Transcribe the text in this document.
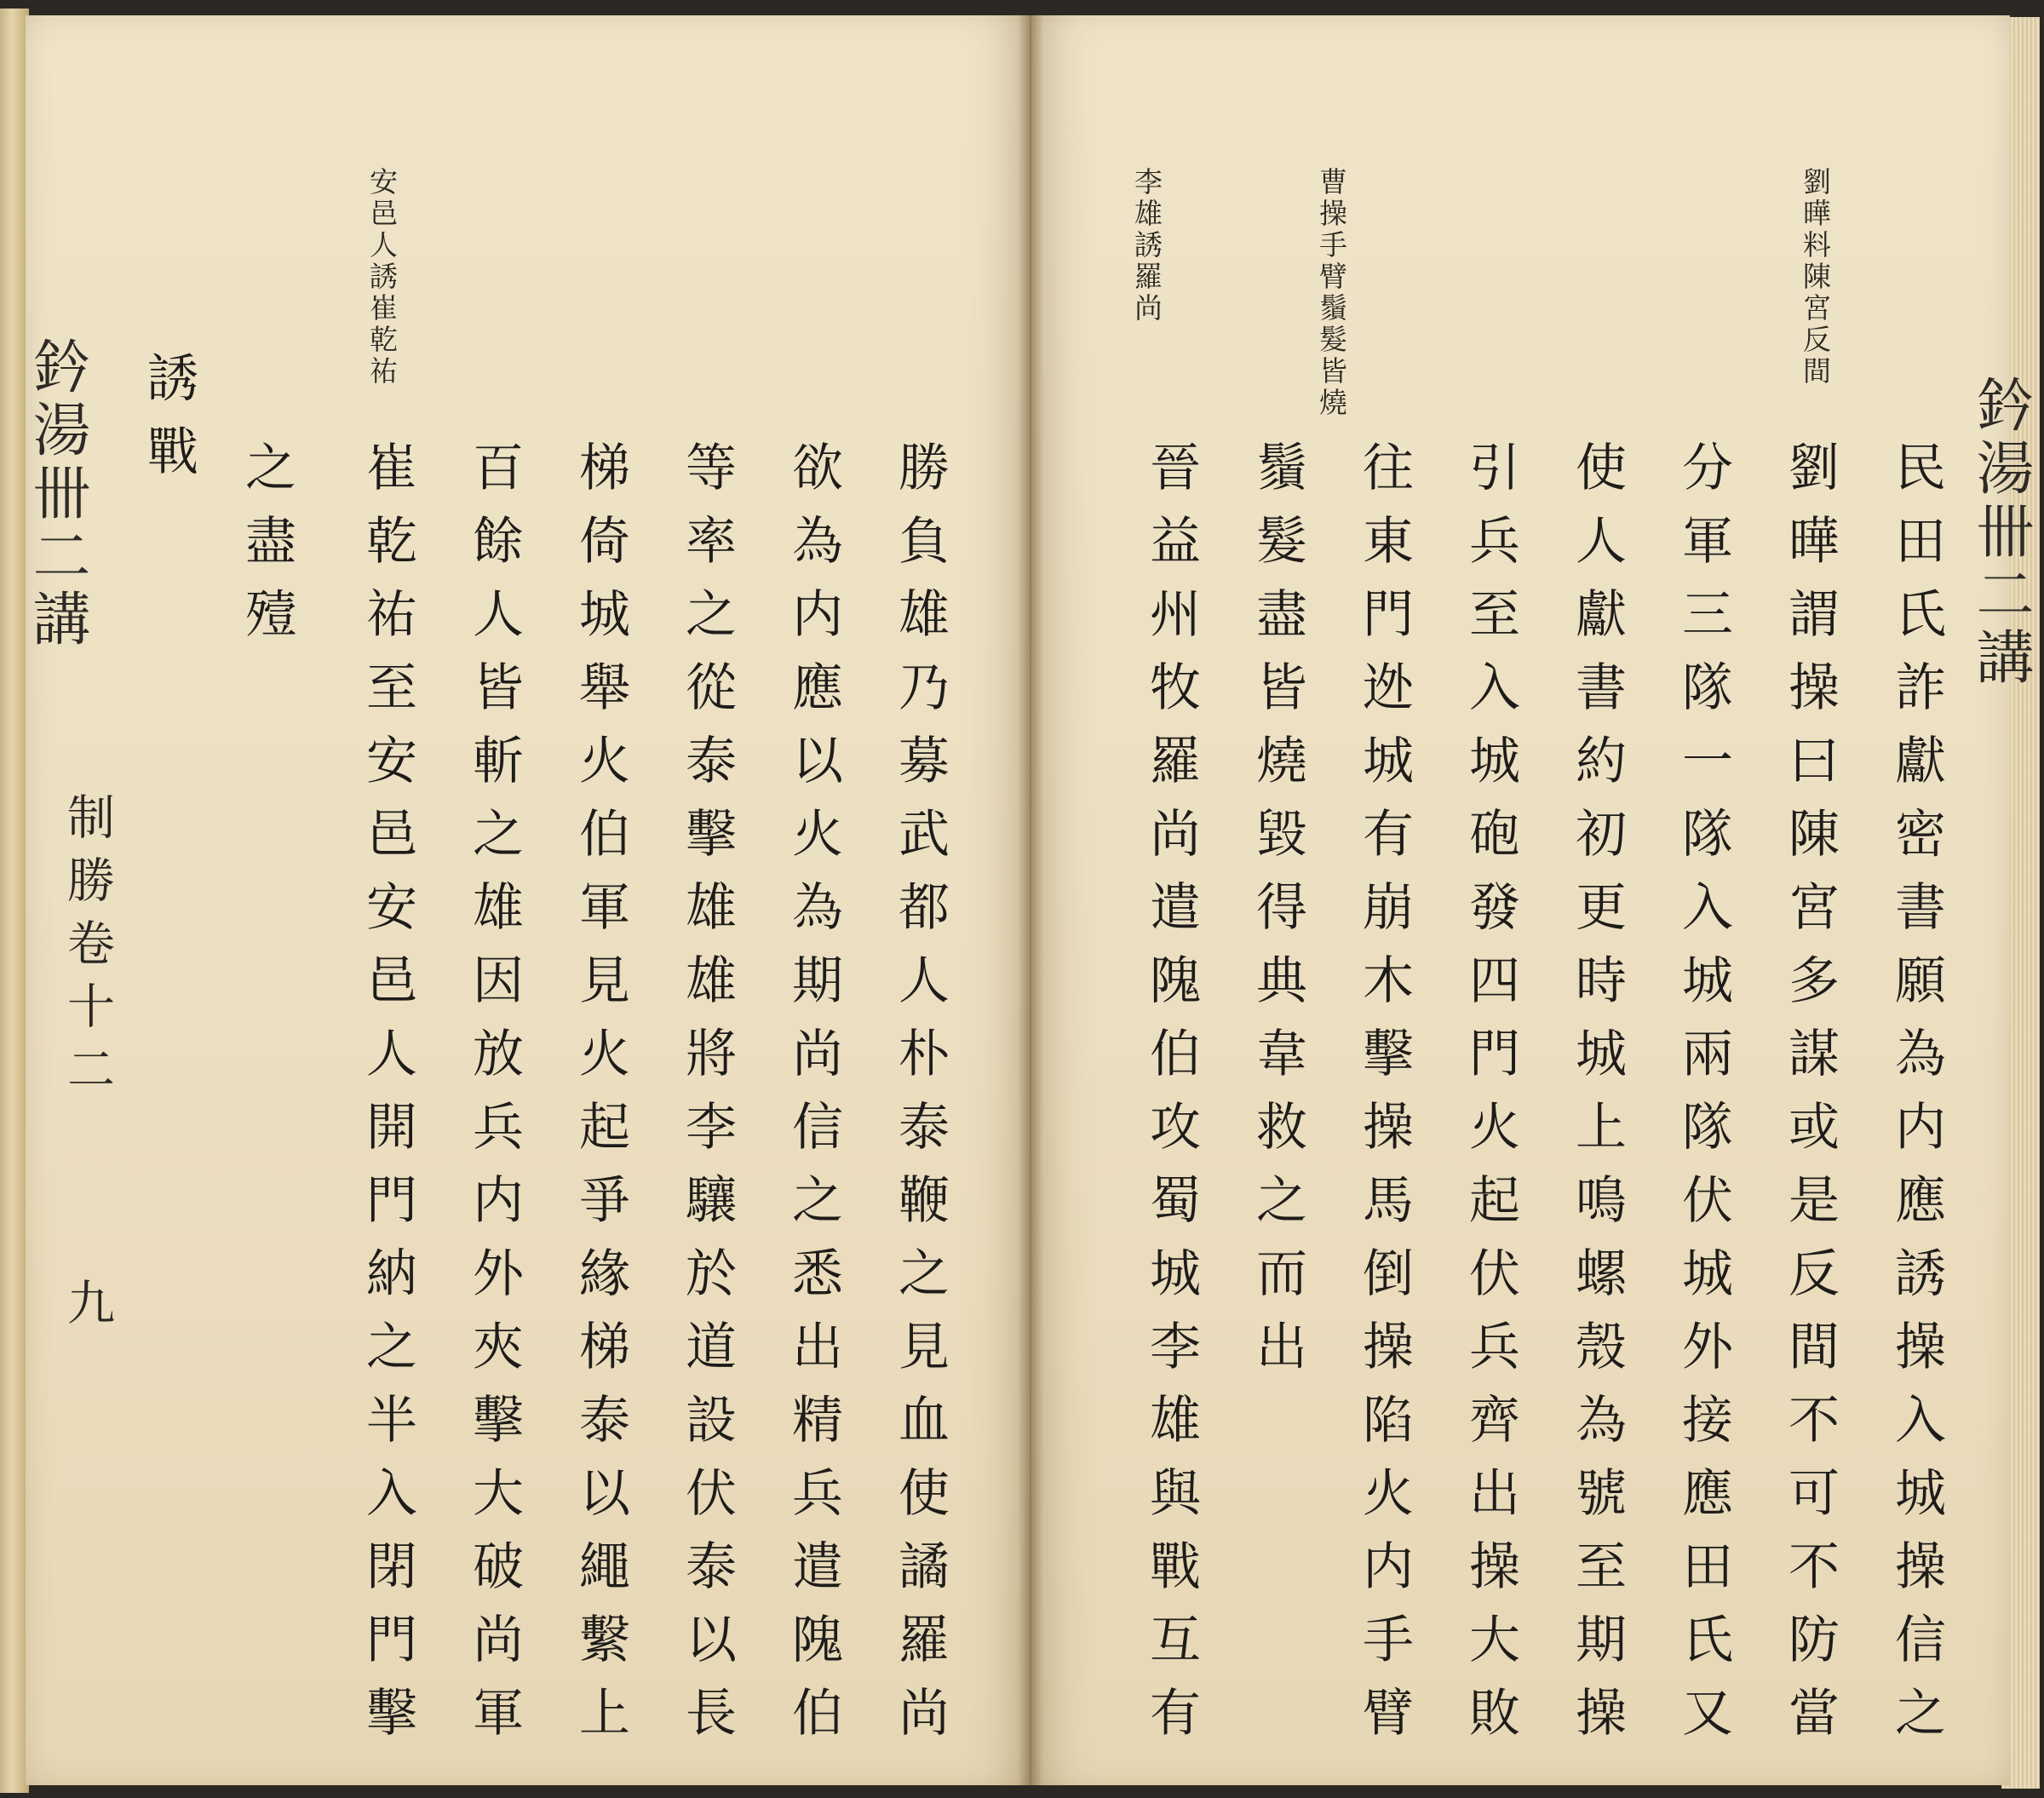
鈐湯卌二講
民田氏詐獻密書願為内應誘操入城操信之
劉曄謂操曰陳宮多謀或是反間不可不防當
分軍三隊一隊入城兩隊伏城外接應田氏又
使人獻書約初更時城上鳴螺殼為號至期操
引兵至入城砲發四門火起伏兵齊出操大敗
往東門迯城有崩木擊操馬倒操陷火内手臂
鬚髮盡皆燒毀得典韋救之而出
晉益州牧羅尚遣隗伯攻蜀城李雄與戰互有
劉曄料陳宮反間
曹操手臂鬚髮皆燒
李雄誘羅尚
勝負雄乃募武都人朴泰鞭之見血使譎羅尚
欲為内應以火為期尚信之悉出精兵遣隗伯
等率之從泰擊雄雄將李驤於道設伏泰以長
梯倚城舉火伯軍見火起爭緣梯泰以繩繫上
百餘人皆斬之雄因放兵内外夾擊大破尚軍
崔乾祐至安邑安邑人開門納之半入閉門擊
之盡殪
誘戰
安邑人誘崔乾祐
鈐湯卌二講
制勝卷十二
九
